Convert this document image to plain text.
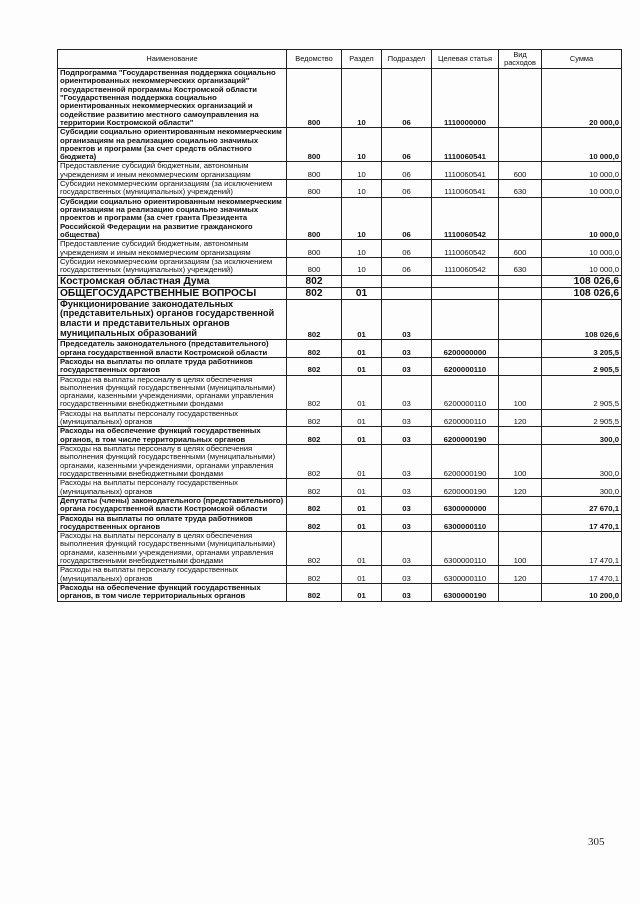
Наименование	Ведомство	Раздел	Подраздел	Целевая статья	Вид расходов	Сумма
Подпрограмма "Государственная поддержка социально ориентированных некоммерческих организаций" государственной программы Костромской области "Государственная поддержка социально ориентированных некоммерческих организаций и содействие развитию местного самоуправления на территории Костромской области"	800	10	06	1110000000		20 000,0
Субсидии социально ориентированным некоммерческим организациям на реализацию социально значимых проектов и программ (за счет средств областного бюджета)	800	10	06	1110060541		10 000,0
Предоставление субсидий бюджетным, автономным учреждениям и иным некоммерческим организациям	800	10	06	1110060541	600	10 000,0
Субсидии некоммерческим организациям (за исключением государственных (муниципальных) учреждений)	800	10	06	1110060541	630	10 000,0
Субсидии социально ориентированным некоммерческим организациям на реализацию социально значимых проектов и программ (за счет гранта Президента Российской Федерации на развитие гражданского общества)	800	10	06	1110060542		10 000,0
Предоставление субсидий бюджетным, автономным учреждениям и иным некоммерческим организациям	800	10	06	1110060542	600	10 000,0
Субсидии некоммерческим организациям (за исключением государственных (муниципальных) учреждений)	800	10	06	1110060542	630	10 000,0
Костромская областная Дума	802					108 026,6
ОБЩЕГОСУДАРСТВЕННЫЕ ВОПРОСЫ	802	01				108 026,6
Функционирование законодательных (представительных) органов государственной власти и представительных органов муниципальных образований	802	01	03			108 026,6
Председатель законодательного (представительного) органа государственной власти Костромской области	802	01	03	6200000000		3 205,5
Расходы на выплаты по оплате труда работников государственных органов	802	01	03	6200000110		2 905,5
Расходы на выплаты персоналу в целях обеспечения выполнения функций государственными (муниципальными) органами, казенными учреждениями, органами управления государственными внебюджетными фондами	802	01	03	6200000110	100	2 905,5
Расходы на выплаты персоналу государственных (муниципальных) органов	802	01	03	6200000110	120	2 905,5
Расходы на обеспечение функций государственных органов, в том числе территориальных органов	802	01	03	6200000190		300,0
Расходы на выплаты персоналу в целях обеспечения выполнения функций государственными (муниципальными) органами, казенными учреждениями, органами управления государственными внебюджетными фондами	802	01	03	6200000190	100	300,0
Расходы на выплаты персоналу государственных (муниципальных) органов	802	01	03	6200000190	120	300,0
Депутаты (члены) законодательного (представительного) органа государственной власти Костромской области	802	01	03	6300000000		27 670,1
Расходы на выплаты по оплате труда работников государственных органов	802	01	03	6300000110		17 470,1
Расходы на выплаты персоналу в целях обеспечения выполнения функций государственными (муниципальными) органами, казенными учреждениями, органами управления государственными внебюджетными фондами	802	01	03	6300000110	100	17 470,1
Расходы на выплаты персоналу государственных (муниципальных) органов	802	01	03	6300000110	120	17 470,1
Расходы на обеспечение функций государственных органов, в том числе территориальных органов	802	01	03	6300000190		10 200,0
305
